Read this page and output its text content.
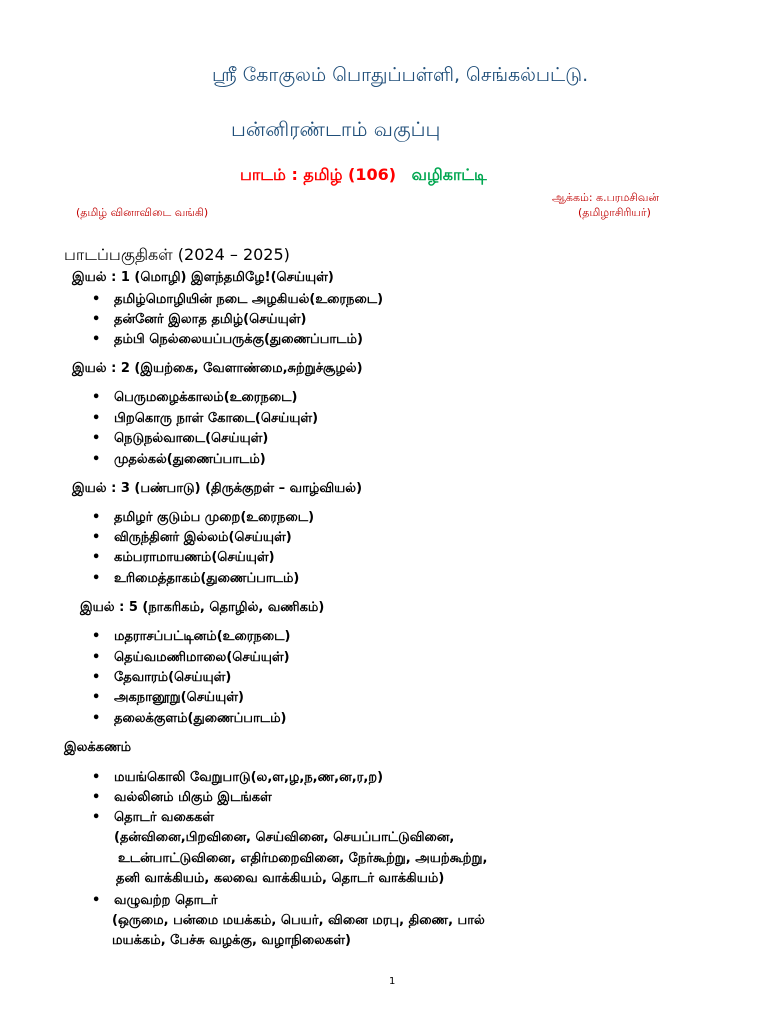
ஸ்ரீ கோகுலம் பொதுப்பள்ளி, செங்கல்பட்டு.
பன்னிரண்டாம் வகுப்பு
பாடம் : தமிழ் (106) வழிகாட்டி
ஆக்கம்: க.பரமசிவன்
(தமிழ் வினாவிடை வங்கி)	(தமிழாசிரியர்)
பாடப்பகுதிகள் (2024 – 2025)
இயல் : 1 (மொழி) இளந்தமிழே!(செய்யுள்)
• தமிழ்மொழியின் நடை அழகியல்(உரைநடை)
• தன்னேர் இலாத தமிழ்(செய்யுள்)
• தம்பி நெல்லையப்பருக்கு(துணைப்பாடம்)
இயல் : 2 (இயற்கை, வேளாண்மை,சுற்றுச்சூழல்)
• பெருமழைக்காலம்(உரைநடை)
• பிறகொரு நாள் கோடை(செய்யுள்)
• நெடுநல்வாடை(செய்யுள்)
• முதல்கல்(துணைப்பாடம்)
இயல் : 3 (பண்பாடு) (திருக்குறள் – வாழ்வியல்)
• தமிழர் குடும்ப முறை(உரைநடை)
• விருந்தினர் இல்லம்(செய்யுள்)
• கம்பராமாயணம்(செய்யுள்)
• உரிமைத்தாகம்(துணைப்பாடம்)
இயல் : 5 (நாகரிகம், தொழில், வணிகம்)
• மதராசப்பட்டினம்(உரைநடை)
• தெய்வமணிமாலை(செய்யுள்)
• தேவாரம்(செய்யுள்)
• அகநானூறு(செய்யுள்)
• தலைக்குளம்(துணைப்பாடம்)
இலக்கணம்
• மயங்கொலி வேறுபாடு(ல,ள,ழ,ந,ண,ன,ர,ற)
• வல்லினம் மிகும் இடங்கள்
• தொடர் வகைகள்
(தன்வினை,பிறவினை, செய்வினை, செயப்பாட்டுவினை,
உடன்பாட்டுவினை, எதிர்மறைவினை, நேர்கூற்று, அயற்கூற்று,
தனி வாக்கியம், கலவை வாக்கியம், தொடர் வாக்கியம்)
• வழுவற்ற தொடர்
(ஒருமை, பன்மை மயக்கம், பெயர், வினை மரபு, திணை, பால்
மயக்கம், பேச்சு வழக்கு, வழாநிலைகள்)
1
